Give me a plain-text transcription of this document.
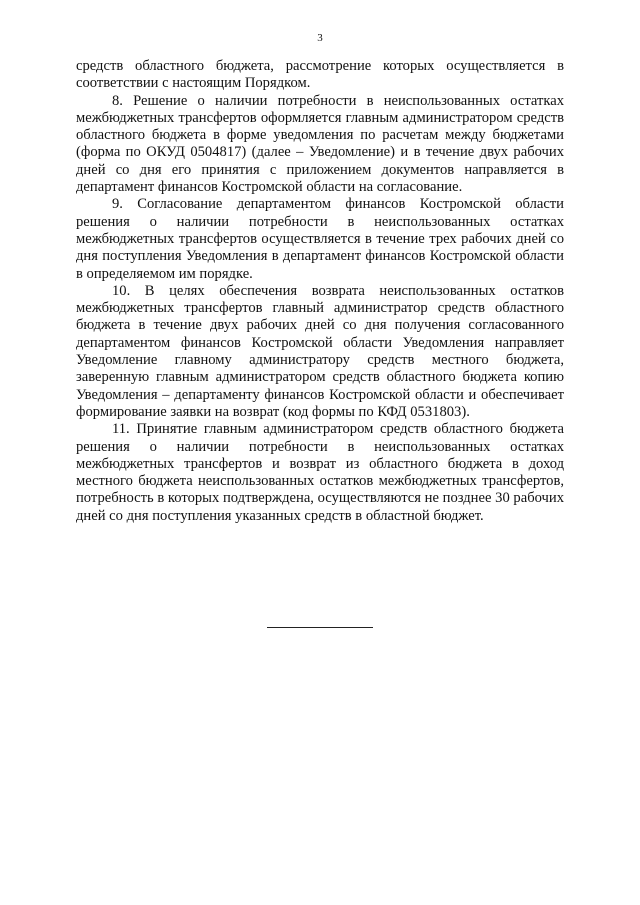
3

средств областного бюджета, рассмотрение которых осуществляется в соответствии с настоящим Порядком.

8. Решение о наличии потребности в неиспользованных остатках межбюджетных трансфертов оформляется главным администратором средств областного бюджета в форме уведомления по расчетам между бюджетами (форма по ОКУД 0504817) (далее – Уведомление) и в течение двух рабочих дней со дня его принятия с приложением документов направляется в департамент финансов Костромской области на согласование.

9. Согласование департаментом финансов Костромской области решения о наличии потребности в неиспользованных остатках межбюджетных трансфертов осуществляется в течение трех рабочих дней со дня поступления Уведомления в департамент финансов Костромской области в определяемом им порядке.

10. В целях обеспечения возврата неиспользованных остатков межбюджетных трансфертов главный администратор средств областного бюджета в течение двух рабочих дней со дня получения согласованного департаментом финансов Костромской области Уведомления направляет Уведомление главному администратору средств местного бюджета, заверенную главным администратором средств областного бюджета копию Уведомления – департаменту финансов Костромской области и обеспечивает формирование заявки на возврат (код формы по КФД 0531803).

11. Принятие главным администратором средств областного бюджета решения о наличии потребности в неиспользованных остатках межбюджетных трансфертов и возврат из областного бюджета в доход местного бюджета неиспользованных остатков межбюджетных трансфертов, потребность в которых подтверждена, осуществляются не позднее 30 рабочих дней со дня поступления указанных средств в областной бюджет.
